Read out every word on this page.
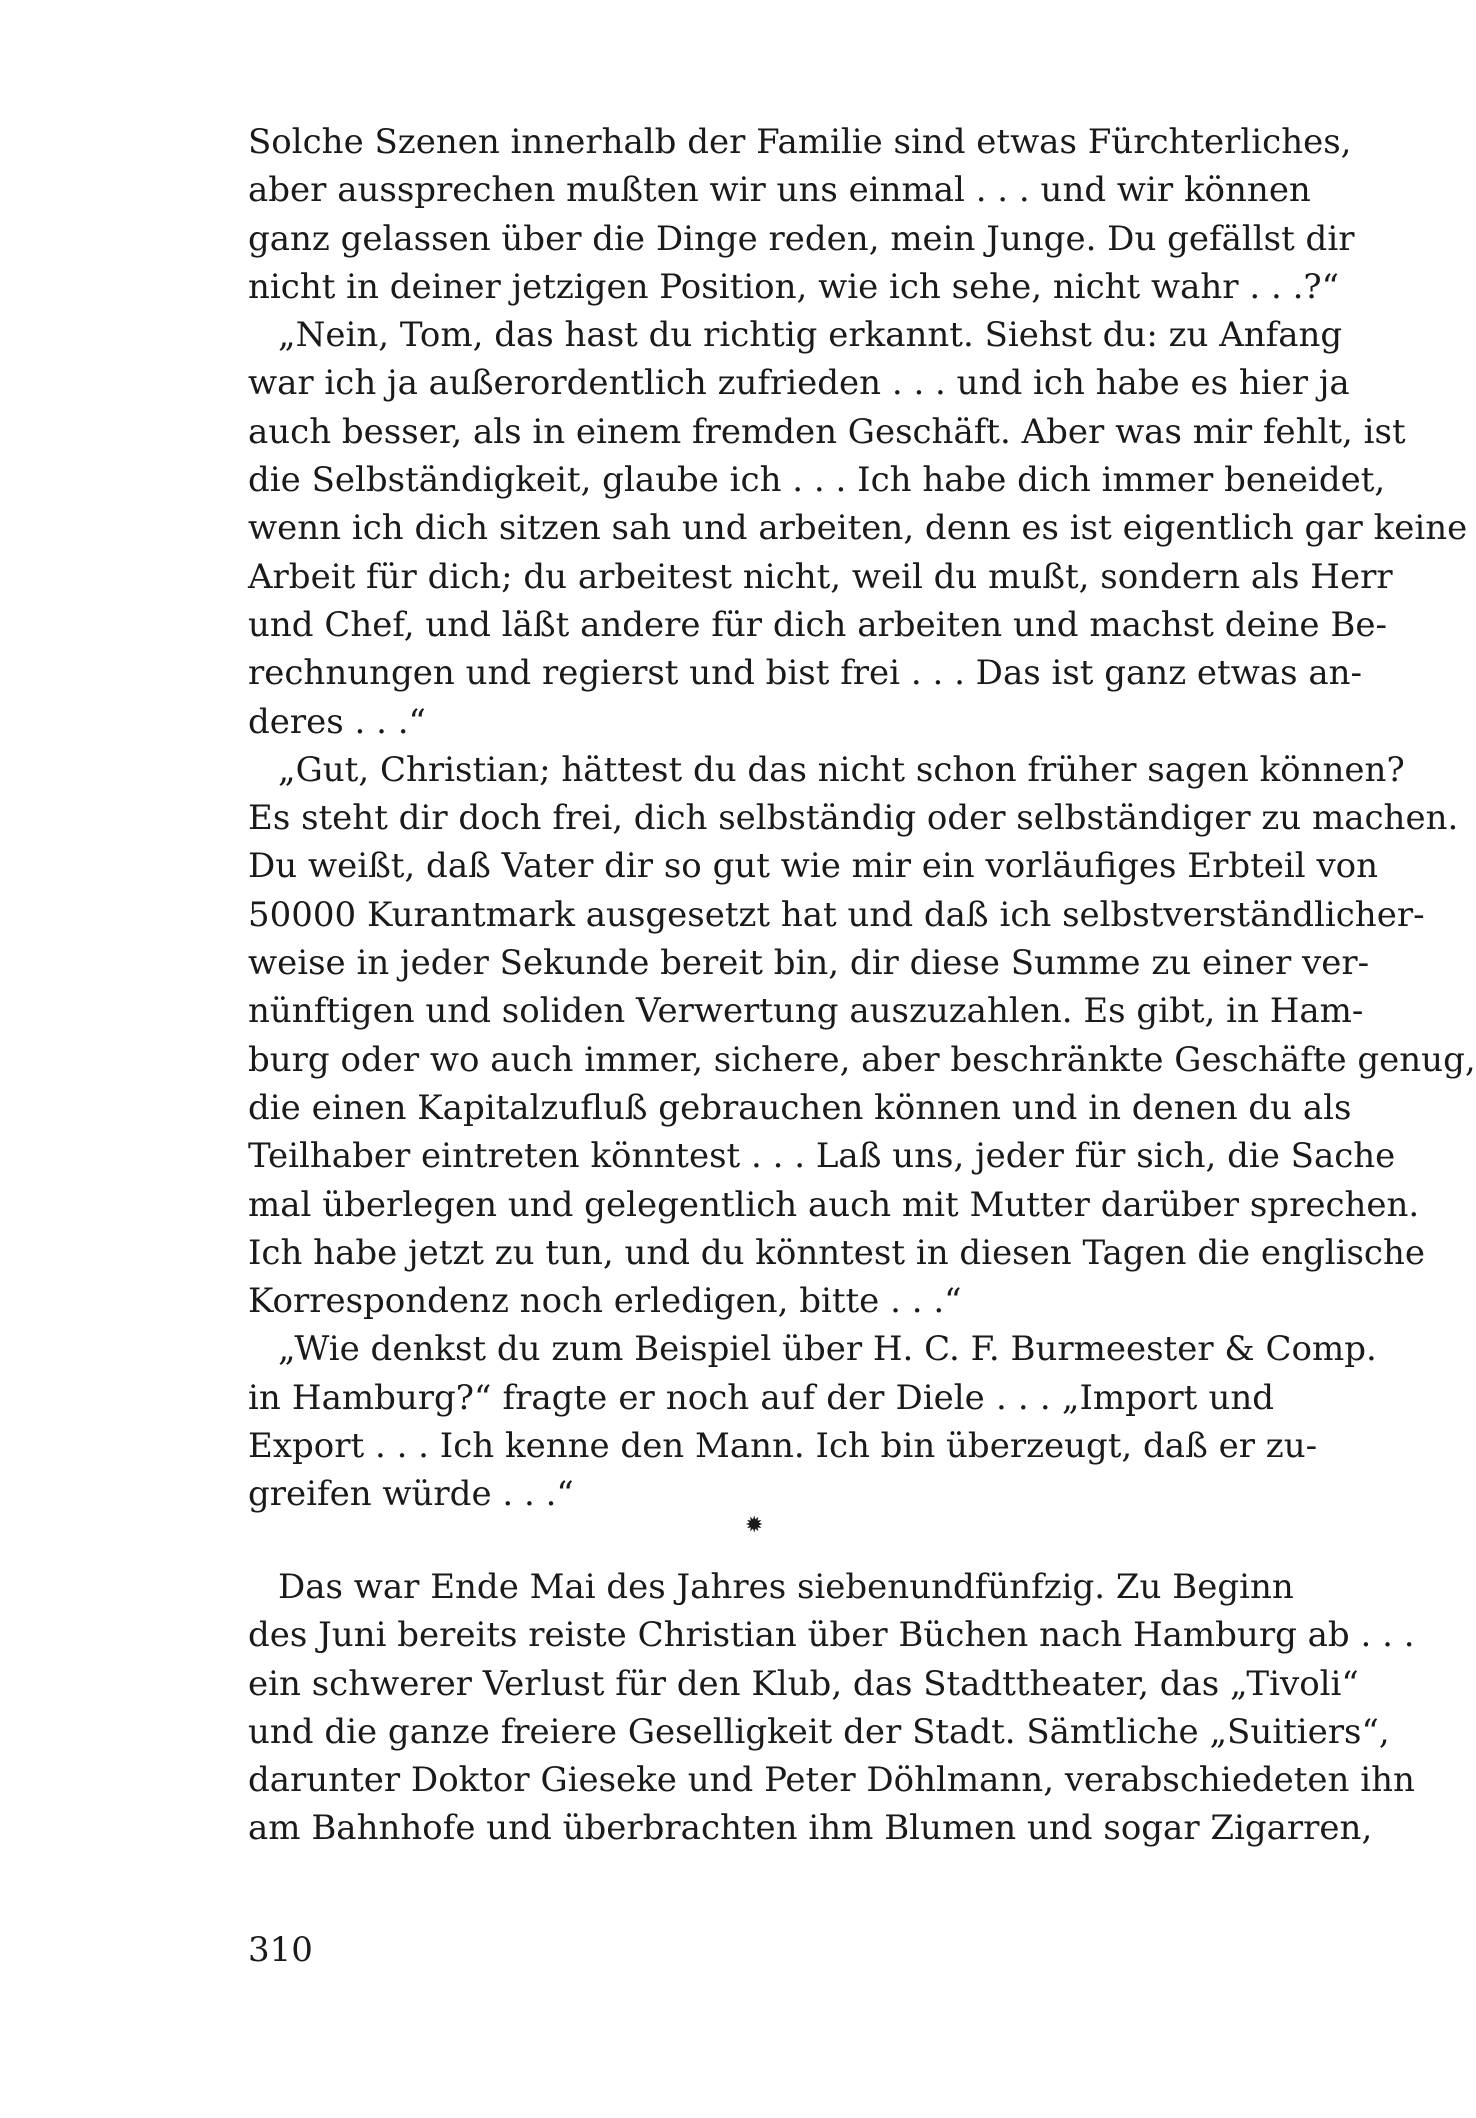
Solche Szenen innerhalb der Familie sind etwas Fürchterliches,
aber aussprechen mußten wir uns einmal . . . und wir können
ganz gelassen über die Dinge reden, mein Junge. Du gefällst dir
nicht in deiner jetzigen Position, wie ich sehe, nicht wahr . . .?“
„Nein, Tom, das hast du richtig erkannt. Siehst du: zu Anfang
war ich ja außerordentlich zufrieden . . . und ich habe es hier ja
auch besser, als in einem fremden Geschäft. Aber was mir fehlt, ist
die Selbständigkeit, glaube ich . . . Ich habe dich immer beneidet,
wenn ich dich sitzen sah und arbeiten, denn es ist eigentlich gar keine
Arbeit für dich; du arbeitest nicht, weil du mußt, sondern als Herr
und Chef, und läßt andere für dich arbeiten und machst deine Be-
rechnungen und regierst und bist frei . . . Das ist ganz etwas an-
deres . . .“
„Gut, Christian; hättest du das nicht schon früher sagen können?
Es steht dir doch frei, dich selbständig oder selbständiger zu machen.
Du weißt, daß Vater dir so gut wie mir ein vorläufiges Erbteil von
50000 Kurantmark ausgesetzt hat und daß ich selbstverständlicher-
weise in jeder Sekunde bereit bin, dir diese Summe zu einer ver-
nünftigen und soliden Verwertung auszuzahlen. Es gibt, in Ham-
burg oder wo auch immer, sichere, aber beschränkte Geschäfte genug,
die einen Kapitalzufluß gebrauchen können und in denen du als
Teilhaber eintreten könntest . . . Laß uns, jeder für sich, die Sache
mal überlegen und gelegentlich auch mit Mutter darüber sprechen.
Ich habe jetzt zu tun, und du könntest in diesen Tagen die englische
Korrespondenz noch erledigen, bitte . . .“
„Wie denkst du zum Beispiel über H. C. F. Burmeester & Comp.
in Hamburg?“ fragte er noch auf der Diele . . . „Import und
Export . . . Ich kenne den Mann. Ich bin überzeugt, daß er zu-
greifen würde . . .“
✹
Das war Ende Mai des Jahres siebenundfünfzig. Zu Beginn
des Juni bereits reiste Christian über Büchen nach Hamburg ab . . .
ein schwerer Verlust für den Klub, das Stadttheater, das „Tivoli“
und die ganze freiere Geselligkeit der Stadt. Sämtliche „Suitiers“,
darunter Doktor Gieseke und Peter Döhlmann, verabschiedeten ihn
am Bahnhofe und überbrachten ihm Blumen und sogar Zigarren,
310
